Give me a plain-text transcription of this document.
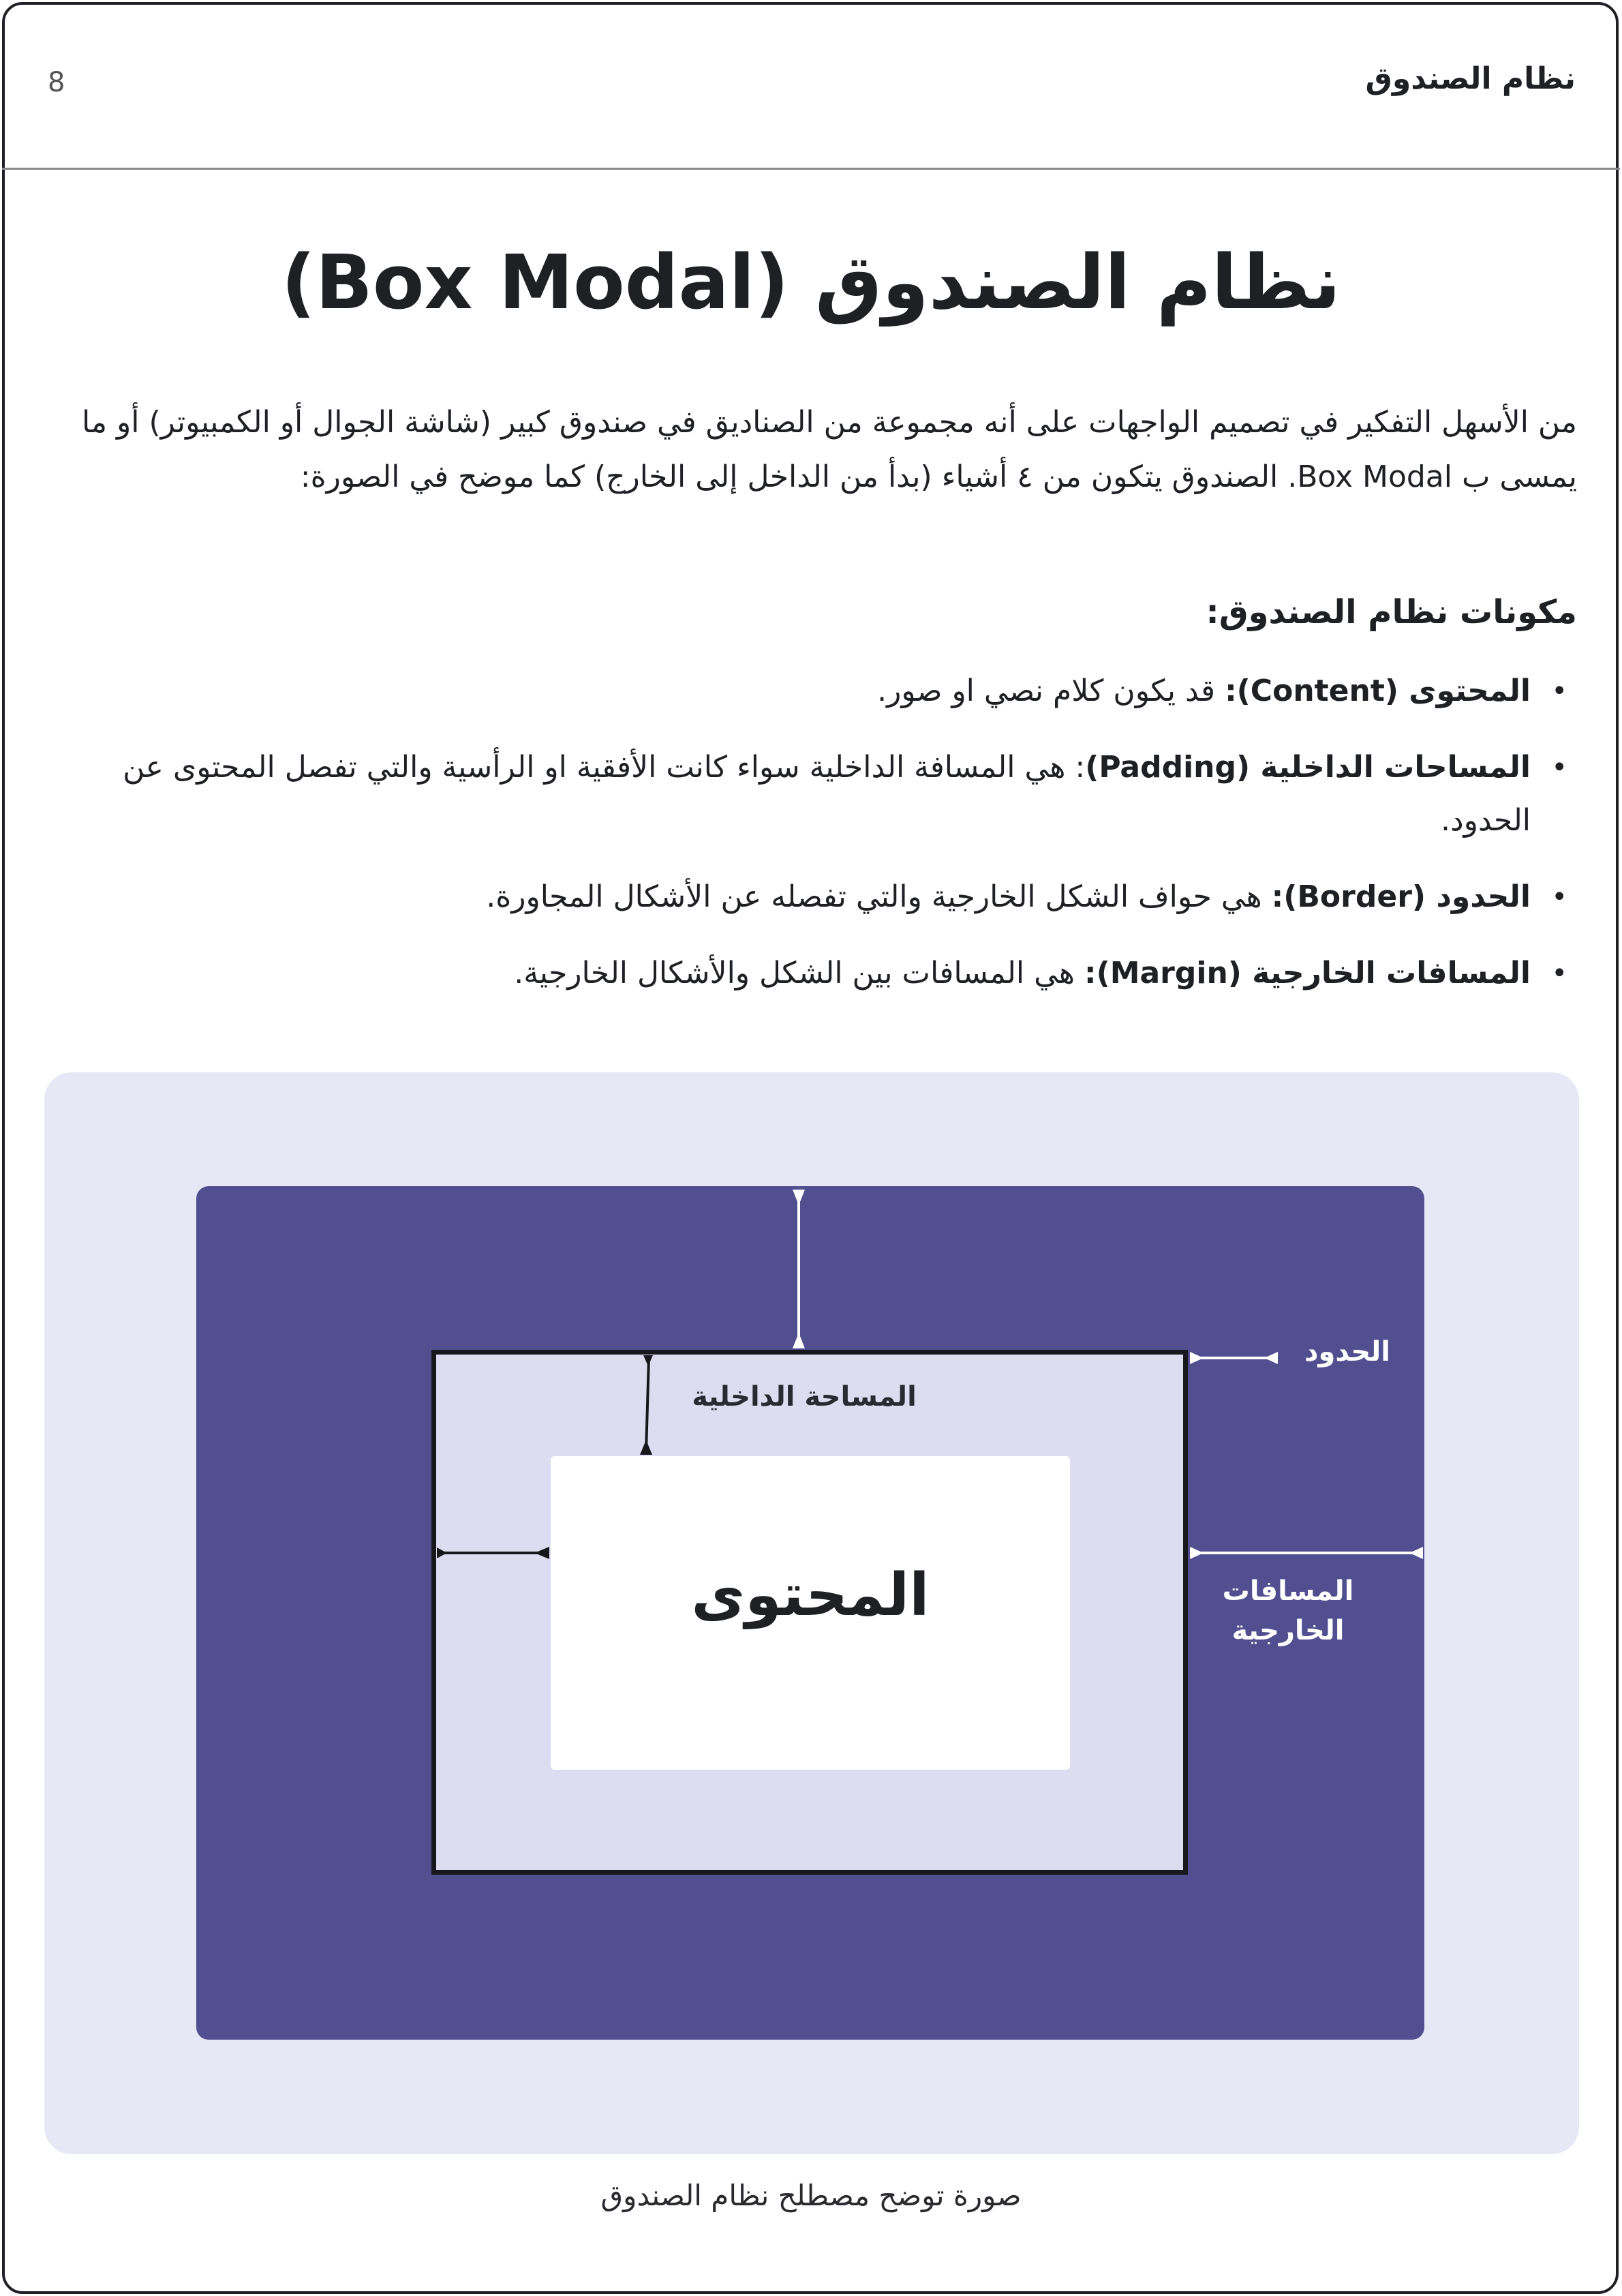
نظام الصندوق
8
نظام الصندوق (Box Modal)

من الأسهل التفكير في تصميم الواجهات على أنه مجموعة من الصناديق في صندوق كبير (شاشة الجوال أو الكمبيوتر) أو ما يمسى ب Box Modal. الصندوق يتكون من ٤ أشياء (بدأ من الداخل إلى الخارج) كما موضح في الصورة:

مكونات نظام الصندوق:
•
المحتوى (Content): قد يكون كلام نصي او صور.
•
المساحات الداخلية (Padding): هي المسافة الداخلية سواء كانت الأفقية او الرأسية والتي تفصل المحتوى عن الحدود.
•
الحدود (Border): هي حواف الشكل الخارجية والتي تفصله عن الأشكال المجاورة.
•
المسافات الخارجية (Margin): هي المسافات بين الشكل والأشكال الخارجية.
المحتوى
المساحة الداخلية
الحدود
المسافات
الخارجية
صورة توضح مصطلح نظام الصندوق
